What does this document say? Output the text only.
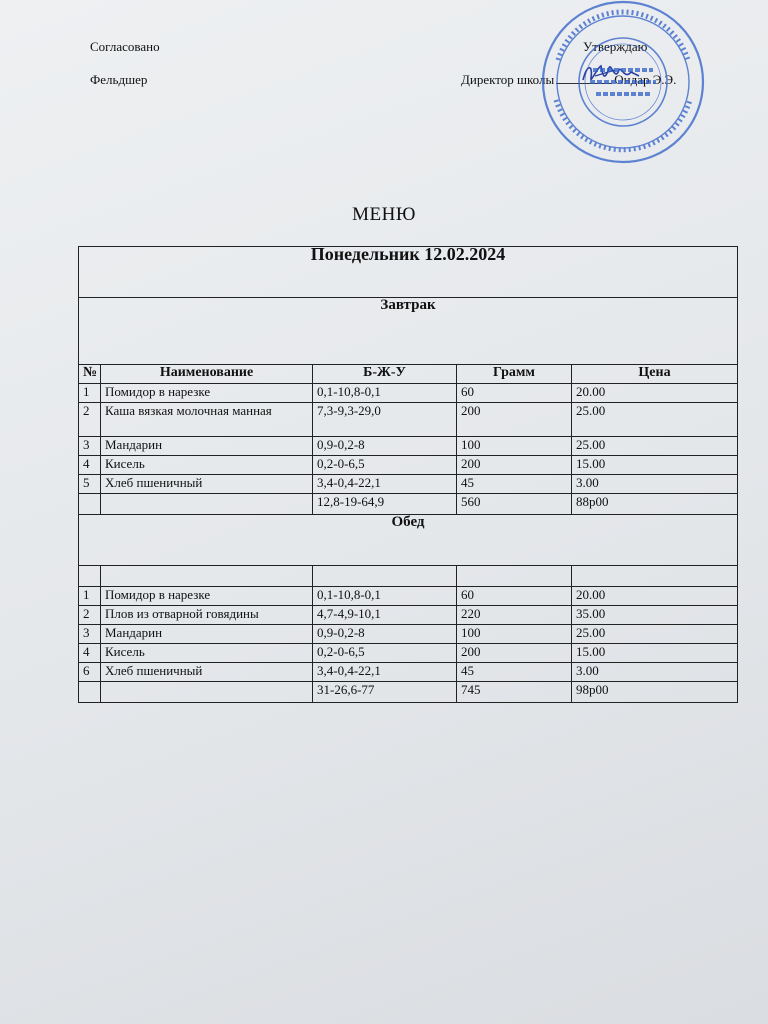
Согласовано	Утверждаю
Фельдшер	Директор школы	Ондар Э.Э.
МЕНЮ
Понедельник 12.02.2024				
Завтрак				
№	Наименование	Б-Ж-У	Грамм	Цена
1	Помидор в нарезке	0,1-10,8-0,1	60	20.00
2	Каша вязкая молочная манная	7,3-9,3-29,0	200	25.00
3	Мандарин	0,9-0,2-8	100	25.00
4	Кисель	0,2-0-6,5	200	15.00
5	Хлеб пшеничный	3,4-0,4-22,1	45	3.00
		12,8-19-64,9	560	88р00
Обед				

1	Помидор в нарезке	0,1-10,8-0,1	60	20.00
2	Плов из отварной говядины	4,7-4,9-10,1	220	35.00
3	Мандарин	0,9-0,2-8	100	25.00
4	Кисель	0,2-0-6,5	200	15.00
6	Хлеб пшеничный	3,4-0,4-22,1	45	3.00
		31-26,6-77	745	98р00
